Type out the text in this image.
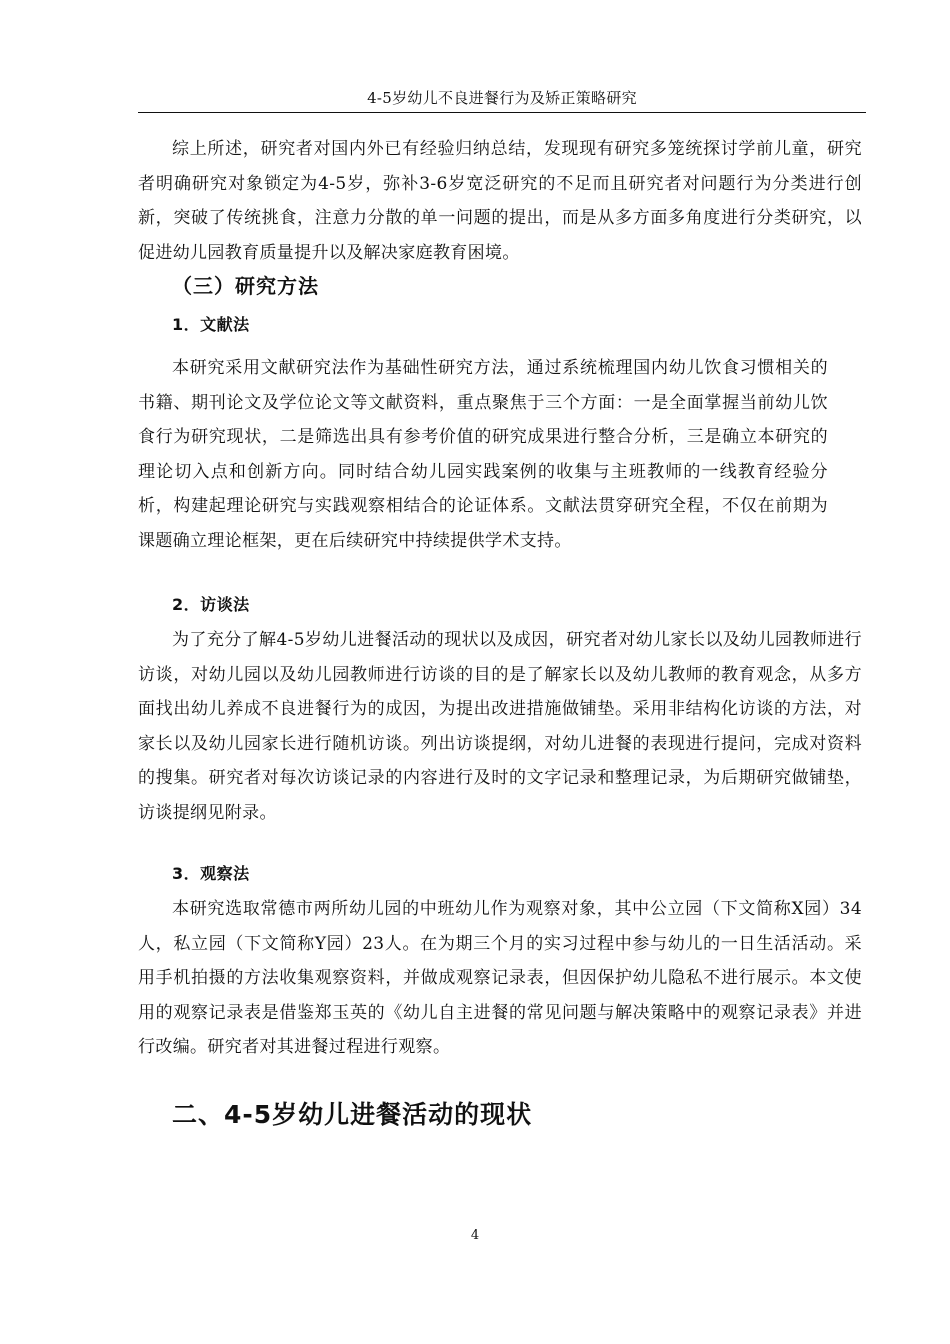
4-5岁幼儿不良进餐行为及矫正策略研究

综上所述，研究者对国内外已有经验归纳总结，发现现有研究多笼统探讨学前儿童，研究者明确研究对象锁定为4-5岁，弥补3-6岁宽泛研究的不足而且研究者对问题行为分类进行创新，突破了传统挑食，注意力分散的单一问题的提出，而是从多方面多角度进行分类研究，以促进幼儿园教育质量提升以及解决家庭教育困境。

（三）研究方法
1．文献法

本研究采用文献研究法作为基础性研究方法，通过系统梳理国内幼儿饮食习惯相关的书籍、期刊论文及学位论文等文献资料，重点聚焦于三个方面：一是全面掌握当前幼儿饮食行为研究现状，二是筛选出具有参考价值的研究成果进行整合分析，三是确立本研究的理论切入点和创新方向。同时结合幼儿园实践案例的收集与主班教师的一线教育经验分析，构建起理论研究与实践观察相结合的论证体系。文献法贯穿研究全程，不仅在前期为课题确立理论框架，更在后续研究中持续提供学术支持。

2．访谈法

为了充分了解4-5岁幼儿进餐活动的现状以及成因，研究者对幼儿家长以及幼儿园教师进行访谈，对幼儿园以及幼儿园教师进行访谈的目的是了解家长以及幼儿教师的教育观念，从多方面找出幼儿养成不良进餐行为的成因，为提出改进措施做铺垫。采用非结构化访谈的方法，对家长以及幼儿园家长进行随机访谈。列出访谈提纲，对幼儿进餐的表现进行提问，完成对资料的搜集。研究者对每次访谈记录的内容进行及时的文字记录和整理记录，为后期研究做铺垫，访谈提纲见附录。

3．观察法

本研究选取常德市两所幼儿园的中班幼儿作为观察对象，其中公立园（下文简称X园）34人，私立园（下文简称Y园）23人。在为期三个月的实习过程中参与幼儿的一日生活活动。采用手机拍摄的方法收集观察资料，并做成观察记录表，但因保护幼儿隐私不进行展示。本文使用的观察记录表是借鉴郑玉英的《幼儿自主进餐的常见问题与解决策略中的观察记录表》并进行改编。研究者对其进餐过程进行观察。

二、4-5岁幼儿进餐活动的现状
4
